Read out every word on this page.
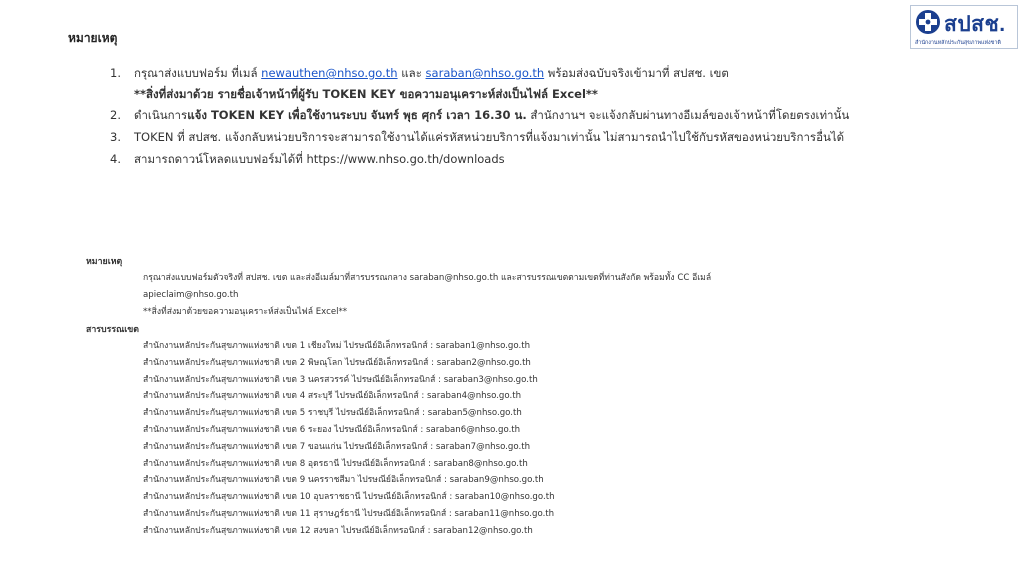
สปสช.
สำนักงานหลักประกันสุขภาพแห่งชาติ
หมายเหตุ
1. กรุณาส่งแบบฟอร์ม ที่เมล์ newauthen@nhso.go.th และ saraban@nhso.go.th พร้อมส่งฉบับจริงเข้ามาที่ สปสช. เขต
**สิ่งที่ส่งมาด้วย รายชื่อเจ้าหน้าที่ผู้รับ TOKEN KEY ขอความอนุเคราะห์ส่งเป็นไฟล์ Excel**
2. ดำเนินการแจ้ง TOKEN KEY เพื่อใช้งานระบบ จันทร์ พุธ ศุกร์ เวลา 16.30 น. สำนักงานฯ จะแจ้งกลับผ่านทางอีเมล์ของเจ้าหน้าที่โดยตรงเท่านั้น
3. TOKEN ที่ สปสช. แจ้งกลับหน่วยบริการจะสามารถใช้งานได้แค่รหัสหน่วยบริการที่แจ้งมาเท่านั้น ไม่สามารถนำไปใช้กับรหัสของหน่วยบริการอื่นได้
4. สามารถดาวน์โหลดแบบฟอร์มได้ที่ https://www.nhso.go.th/downloads
หมายเหตุ
กรุณาส่งแบบฟอร์มตัวจริงที่ สปสช. เขต และส่งอีเมล์มาที่สารบรรณกลาง saraban@nhso.go.th และสารบรรณเขตตามเขตที่ท่านสังกัด พร้อมทั้ง CC อีเมล์
apieclaim@nhso.go.th
**สิ่งที่ส่งมาด้วยขอความอนุเคราะห์ส่งเป็นไฟล์ Excel**
สารบรรณเขต
สำนักงานหลักประกันสุขภาพแห่งชาติ เขต 1 เชียงใหม่ ไปรษณีย์อิเล็กทรอนิกส์ : saraban1@nhso.go.th
สำนักงานหลักประกันสุขภาพแห่งชาติ เขต 2 พิษณุโลก ไปรษณีย์อิเล็กทรอนิกส์ : saraban2@nhso.go.th
สำนักงานหลักประกันสุขภาพแห่งชาติ เขต 3 นครสวรรค์ ไปรษณีย์อิเล็กทรอนิกส์ : saraban3@nhso.go.th
สำนักงานหลักประกันสุขภาพแห่งชาติ เขต 4 สระบุรี ไปรษณีย์อิเล็กทรอนิกส์ : saraban4@nhso.go.th
สำนักงานหลักประกันสุขภาพแห่งชาติ เขต 5 ราชบุรี ไปรษณีย์อิเล็กทรอนิกส์ : saraban5@nhso.go.th
สำนักงานหลักประกันสุขภาพแห่งชาติ เขต 6 ระยอง ไปรษณีย์อิเล็กทรอนิกส์ : saraban6@nhso.go.th
สำนักงานหลักประกันสุขภาพแห่งชาติ เขต 7 ขอนแก่น ไปรษณีย์อิเล็กทรอนิกส์ : saraban7@nhso.go.th
สำนักงานหลักประกันสุขภาพแห่งชาติ เขต 8 อุดรธานี ไปรษณีย์อิเล็กทรอนิกส์ : saraban8@nhso.go.th
สำนักงานหลักประกันสุขภาพแห่งชาติ เขต 9 นครราชสีมา ไปรษณีย์อิเล็กทรอนิกส์ : saraban9@nhso.go.th
สำนักงานหลักประกันสุขภาพแห่งชาติ เขต 10 อุบลราชธานี ไปรษณีย์อิเล็กทรอนิกส์ : saraban10@nhso.go.th
สำนักงานหลักประกันสุขภาพแห่งชาติ เขต 11 สุราษฎร์ธานี ไปรษณีย์อิเล็กทรอนิกส์ : saraban11@nhso.go.th
สำนักงานหลักประกันสุขภาพแห่งชาติ เขต 12 สงขลา ไปรษณีย์อิเล็กทรอนิกส์ : saraban12@nhso.go.th
